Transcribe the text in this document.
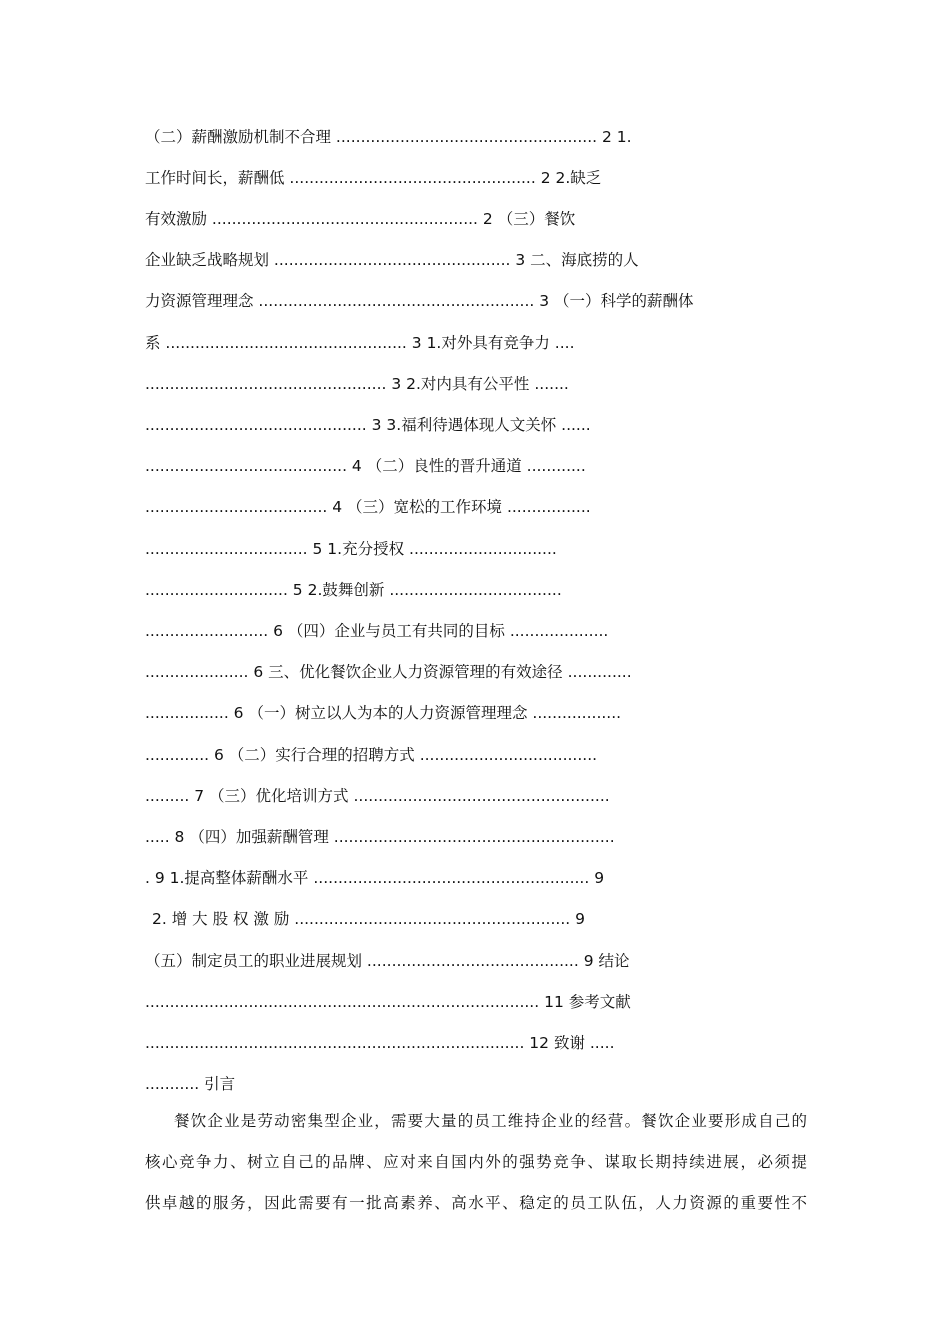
（二）薪酬激励机制不合理 ..................................................... 2 1.
工作时间长，薪酬低 .................................................. 2 2.缺乏
有效激励 ...................................................... 2 （三）餐饮
企业缺乏战略规划 ................................................ 3 二、海底捞的人
力资源管理理念 ........................................................ 3 （一）科学的薪酬体
系 ................................................. 3 1.对外具有竞争力 ....
................................................. 3 2.对内具有公平性 .......
............................................. 3 3.福利待遇体现人文关怀 ......
......................................... 4 （二）良性的晋升通道 ............
..................................... 4 （三）宽松的工作环境 .................
................................. 5 1.充分授权 ..............................
............................. 5 2.鼓舞创新 ...................................
......................... 6 （四）企业与员工有共同的目标 ....................
..................... 6 三、优化餐饮企业人力资源管理的有效途径 .............
................. 6 （一）树立以人为本的人力资源管理理念 ..................
............. 6 （二）实行合理的招聘方式 ....................................
......... 7 （三）优化培训方式 ....................................................
..... 8 （四）加强薪酬管理 .........................................................
. 9 1.提高整体薪酬水平 ........................................................ 9
2. 增 大 股 权 激 励 ........................................................ 9
（五）制定员工的职业进展规划 ........................................... 9 结论
................................................................................ 11 参考文献
............................................................................. 12 致谢 .....
........... 引言
餐饮企业是劳动密集型企业，需要大量的员工维持企业的经营。餐饮企业要形成自己的
核心竞争力、树立自己的品牌、应对来自国内外的强势竞争、谋取长期持续进展，必须提
供卓越的服务，因此需要有一批高素养、高水平、稳定的员工队伍，人力资源的重要性不
